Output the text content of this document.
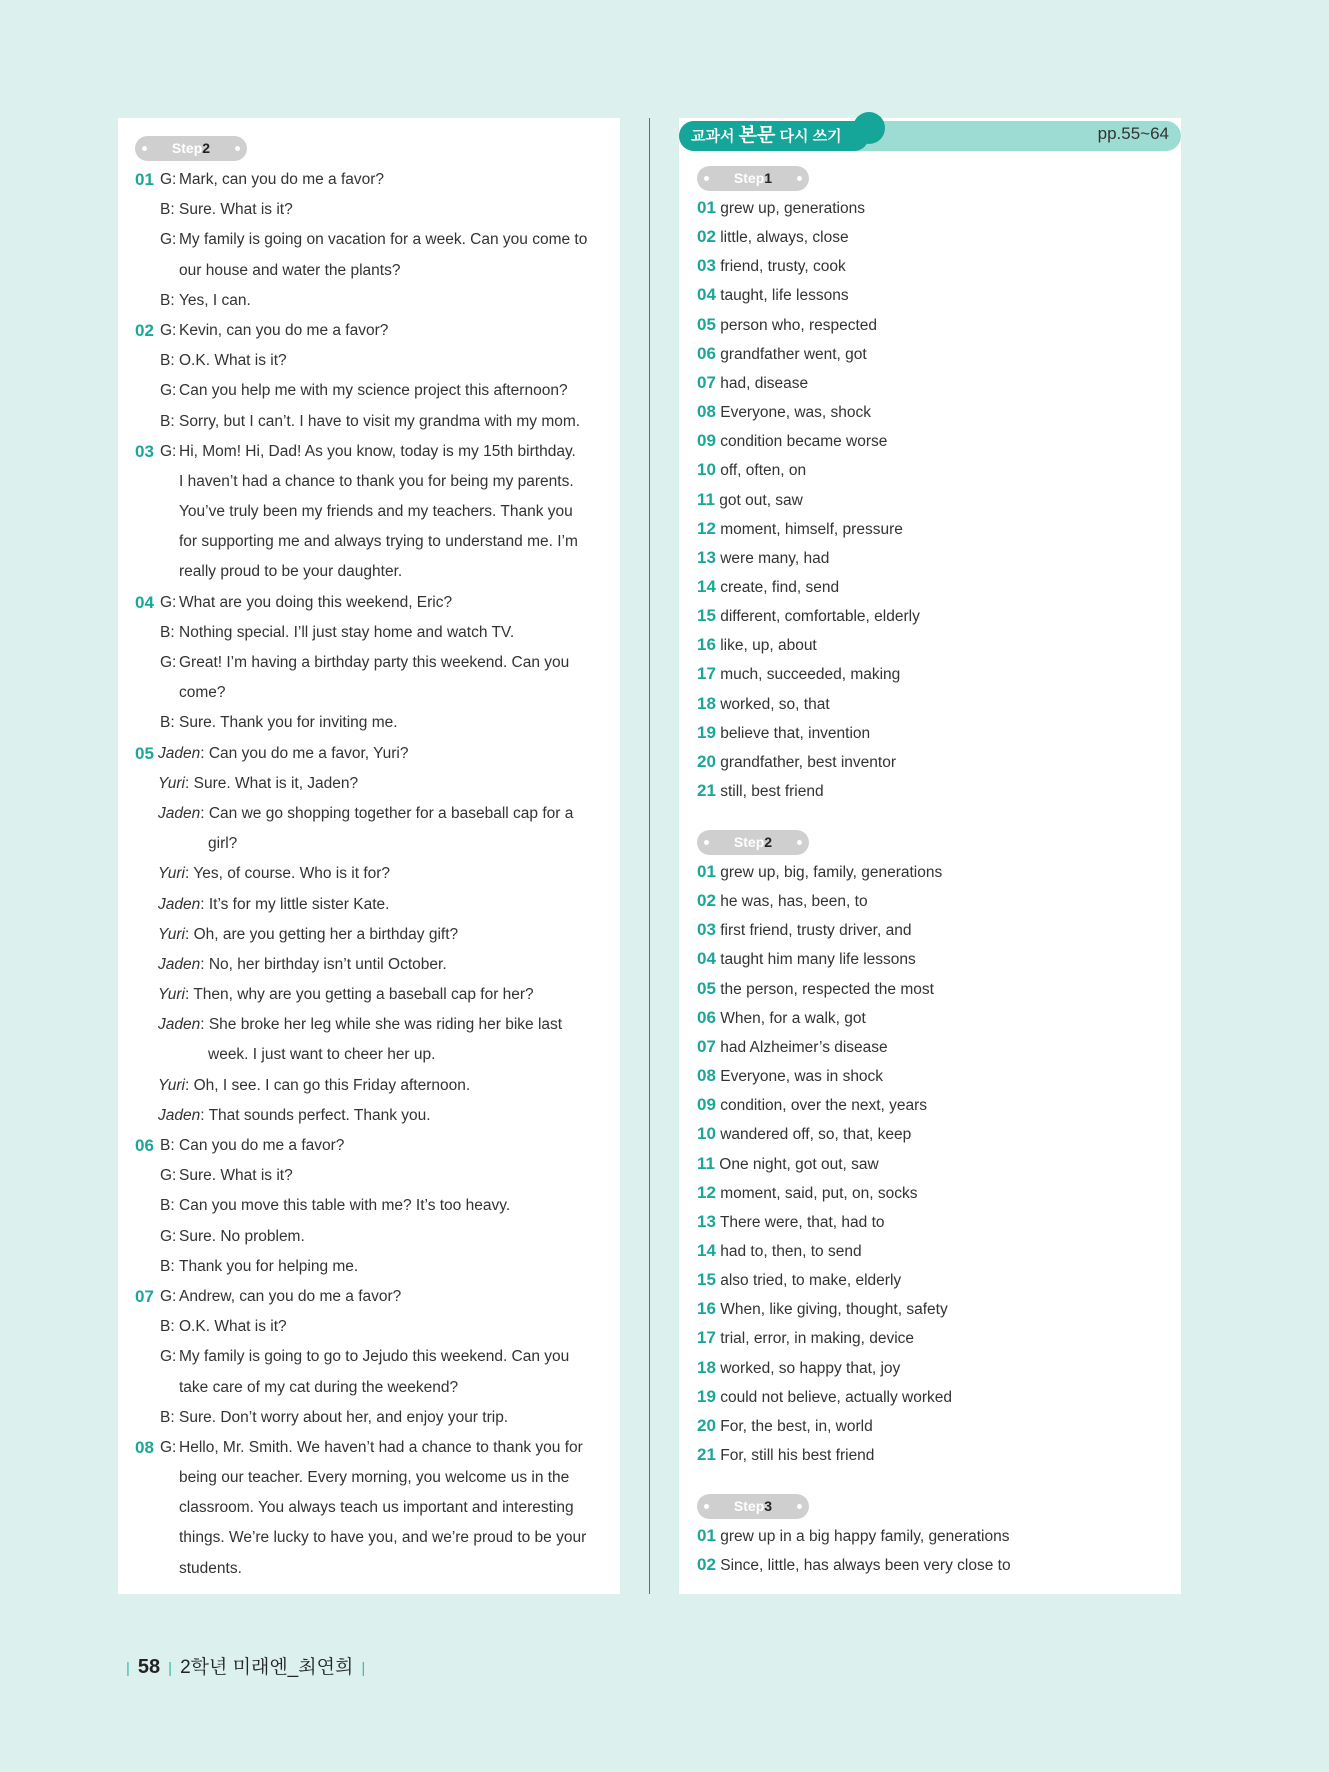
교과서 본문 다시 쓰기	pp.55~64
Step2
01 G: Mark, can you do me a favor?
B: Sure. What is it?
G: My family is going on vacation for a week. Can you come to
our house and water the plants?
B: Yes, I can.
02 G: Kevin, can you do me a favor?
B: O.K. What is it?
G: Can you help me with my science project this afternoon?
B: Sorry, but I can’t. I have to visit my grandma with my mom.
03 G: Hi, Mom! Hi, Dad! As you know, today is my 15th birthday.
I haven’t had a chance to thank you for being my parents.
You’ve truly been my friends and my teachers. Thank you
for supporting me and always trying to understand me. I’m
really proud to be your daughter.
04 G: What are you doing this weekend, Eric?
B: Nothing special. I’ll just stay home and watch TV.
G: Great! I’m having a birthday party this weekend. Can you
come?
B: Sure. Thank you for inviting me.
05 Jaden: Can you do me a favor, Yuri?
Yuri: Sure. What is it, Jaden?
Jaden: Can we go shopping together for a baseball cap for a
girl?
Yuri: Yes, of course. Who is it for?
Jaden: It’s for my little sister Kate.
Yuri: Oh, are you getting her a birthday gift?
Jaden: No, her birthday isn’t until October.
Yuri: Then, why are you getting a baseball cap for her?
Jaden: She broke her leg while she was riding her bike last
week. I just want to cheer her up.
Yuri: Oh, I see. I can go this Friday afternoon.
Jaden: That sounds perfect. Thank you.
06 B: Can you do me a favor?
G: Sure. What is it?
B: Can you move this table with me? It’s too heavy.
G: Sure. No problem.
B: Thank you for helping me.
07 G: Andrew, can you do me a favor?
B: O.K. What is it?
G: My family is going to go to Jejudo this weekend. Can you
take care of my cat during the weekend?
B: Sure. Don’t worry about her, and enjoy your trip.
08 G: Hello, Mr. Smith. We haven’t had a chance to thank you for
being our teacher. Every morning, you welcome us in the
classroom. You always teach us important and interesting
things. We’re lucky to have you, and we’re proud to be your
students.
Step1
Step2
Step3
01 grew up, generations
02 little, always, close
03 friend, trusty, cook
04 taught, life lessons
05 person who, respected
06 grandfather went, got
07 had, disease
08 Everyone, was, shock
09 condition became worse
10 off, often, on
11 got out, saw
12 moment, himself, pressure
13 were many, had
14 create, find, send
15 different, comfortable, elderly
16 like, up, about
17 much, succeeded, making
18 worked, so, that
19 believe that, invention
20 grandfather, best inventor
21 still, best friend
01 grew up, big, family, generations
02 he was, has, been, to
03 first friend, trusty driver, and
04 taught him many life lessons
05 the person, respected the most
06 When, for a walk, got
07 had Alzheimer’s disease
08 Everyone, was in shock
09 condition, over the next, years
10 wandered off, so, that, keep
11 One night, got out, saw
12 moment, said, put, on, socks
13 There were, that, had to
14 had to, then, to send
15 also tried, to make, elderly
16 When, like giving, thought, safety
17 trial, error, in making, device
18 worked, so happy that, joy
19 could not believe, actually worked
20 For, the best, in, world
21 For, still his best friend
01 grew up in a big happy family, generations
02 Since, little, has always been very close to
| 58 | 2학년 미래엔_최연희 |
